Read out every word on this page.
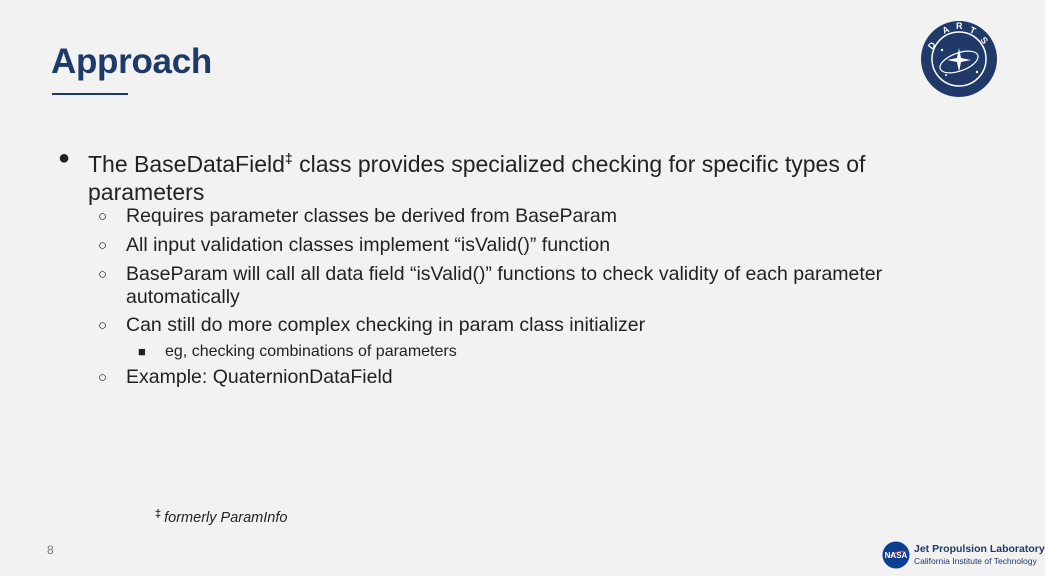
Approach	D
A R T
S
● The BaseDataField‡ class provides specialized checking for specific types of parameters
○ Requires parameter classes be derived from BaseParam
○ All input validation classes implement “isValid()” function
○ BaseParam will call all data field “isValid()” functions to check validity of each parameter automatically
○ Can still do more complex checking in param class initializer
■ eg, checking combinations of parameters
○ Example: QuaternionDataField
‡ formerly ParamInfo
8	NASA
Jet Propulsion Laboratory
California Institute of Technology
